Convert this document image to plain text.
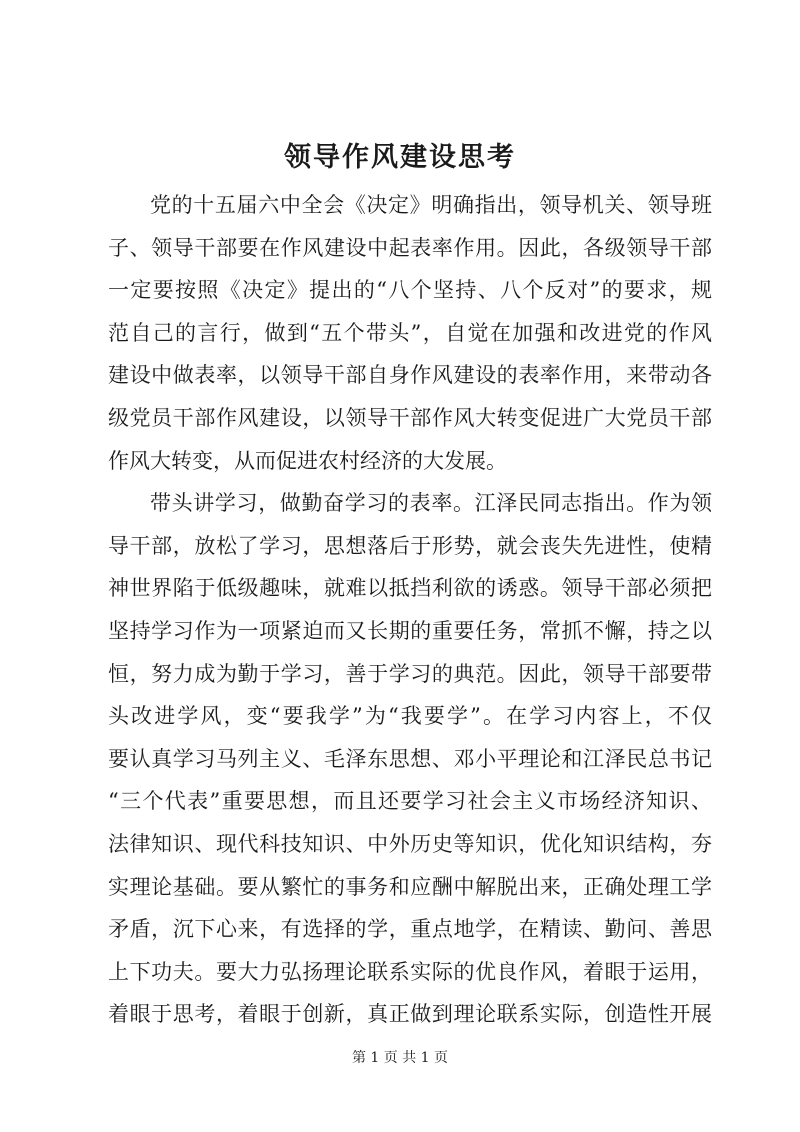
领导作风建设思考
党的十五届六中全会《决定》明确指出，领导机关、领导班
子、领导干部要在作风建设中起表率作用。因此，各级领导干部
一定要按照《决定》提出的“八个坚持、八个反对”的要求，规
范自己的言行，做到“五个带头”，自觉在加强和改进党的作风
建设中做表率，以领导干部自身作风建设的表率作用，来带动各
级党员干部作风建设，以领导干部作风大转变促进广大党员干部
作风大转变，从而促进农村经济的大发展。
带头讲学习，做勤奋学习的表率。江泽民同志指出。作为领
导干部，放松了学习，思想落后于形势，就会丧失先进性，使精
神世界陷于低级趣味，就难以抵挡利欲的诱惑。领导干部必须把
坚持学习作为一项紧迫而又长期的重要任务，常抓不懈，持之以
恒，努力成为勤于学习，善于学习的典范。因此，领导干部要带
头改进学风，变“要我学”为“我要学”。在学习内容上，不仅
要认真学习马列主义、毛泽东思想、邓小平理论和江泽民总书记
“三个代表”重要思想，而且还要学习社会主义市场经济知识、
法律知识、现代科技知识、中外历史等知识，优化知识结构，夯
实理论基础。要从繁忙的事务和应酬中解脱出来，正确处理工学
矛盾，沉下心来，有选择的学，重点地学，在精读、勤问、善思
上下功夫。要大力弘扬理论联系实际的优良作风，着眼于运用，
着眼于思考，着眼于创新，真正做到理论联系实际，创造性开展
第 1 页 共 1 页
